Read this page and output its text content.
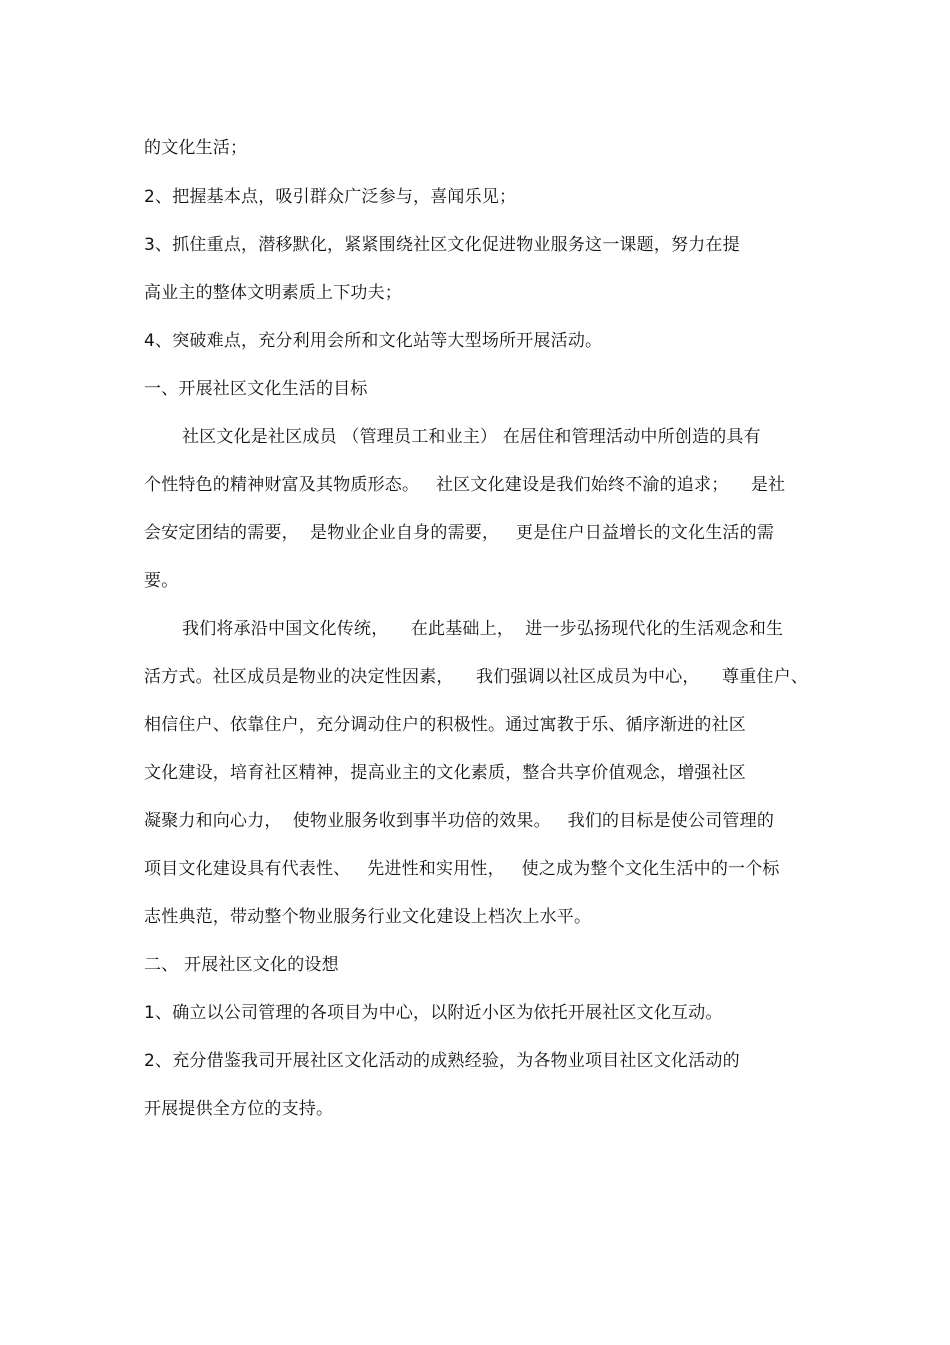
的文化生活；
2、把握基本点，吸引群众广泛参与，喜闻乐见；
3、抓住重点，潜移默化，紧紧围绕社区文化促进物业服务这一课题，努力在提
高业主的整体文明素质上下功夫；
4、突破难点，充分利用会所和文化站等大型场所开展活动。
一、开展社区文化生活的目标
社区文化是社区成员 （管理员工和业主） 在居住和管理活动中所创造的具有
个性特色的精神财富及其物质形态。   社区文化建设是我们始终不渝的追求；    是社
会安定团结的需要，  是物业企业自身的需要，   更是住户日益增长的文化生活的需
要。
我们将承沿中国文化传统，    在此基础上，  进一步弘扬现代化的生活观念和生
活方式。社区成员是物业的决定性因素，    我们强调以社区成员为中心，    尊重住户、
相信住户、依靠住户，充分调动住户的积极性。通过寓教于乐、循序渐进的社区
文化建设，培育社区精神，提高业主的文化素质，整合共享价值观念，增强社区
凝聚力和向心力，  使物业服务收到事半功倍的效果。   我们的目标是使公司管理的
项目文化建设具有代表性、   先进性和实用性，   使之成为整个文化生活中的一个标
志性典范，带动整个物业服务行业文化建设上档次上水平。
二、 开展社区文化的设想
1、确立以公司管理的各项目为中心，以附近小区为依托开展社区文化互动。
2、充分借鉴我司开展社区文化活动的成熟经验，为各物业项目社区文化活动的
开展提供全方位的支持。
